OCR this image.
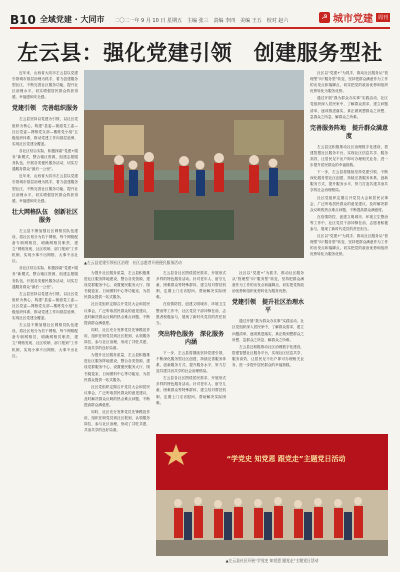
B10 全域党建 · 大同市 二〇二一年 9 月 10 日 星期五　主编 张三　责编 李四　美编 王五　校对 赵六	☭ 城市党建	周刊
左云县：强化党建引领　创建服务型社

近年来，山西省大同市左云县以党建引领城市基层治理为抓手，着力创建服务型社区，不断完善社区服务功能，提升社区治理水平，切实增强居民群众的获得感、幸福感和安全感。

党建引领　完善组织服务

左云县坚持以党建为引领，以社区党组织为核心，构建“县委—街道党工委—社区党委—网格党支部—楼栋党小组”五级组织体系，推动党建工作向基层延伸，实现社区党建全覆盖。

各社区结合实际，积极探索“党建+服务”新模式，整合辖区资源，组建志愿服务队伍，开展各类便民服务活动，切实打通服务群众“最后一公里”。

近年来，山西省大同市左云县以党建引领城市基层治理为抓手，着力创建服务型社区，不断完善社区服务功能，提升社区治理水平，切实增强居民群众的获得感、幸福感和安全感。

壮大网格队伍　创新社区服务

左云县不断加强社区网格员队伍建设，将社区划分为若干网格，每个网格配备专职网格员，明确网格员职责，建立“网格发现、社区吹哨、部门报到”工作机制，实现小事不出网格、大事不出社区。

各社区结合实际，积极探索“党建+服务”新模式，整合辖区资源，组建志愿服务队伍，开展各类便民服务活动，切实打通服务群众“最后一公里”。

左云县坚持以党建为引领，以社区党组织为核心，构建“县委—街道党工委—社区党委—网格党支部—楼栋党小组”五级组织体系，推动党建工作向基层延伸，实现社区党建全覆盖。

左云县不断加强社区网格员队伍建设，将社区划分为若干网格，每个网格配备专职网格员，明确网格员职责，建立“网格发现、社区吹哨、部门报到”工作机制，实现小事不出网格、大事不出社区。

▲左云县党建引领社区治理　社区志愿者开展便民服务活动

为提升社区服务质量，左云县积极推进社区服务阵地建设，整合各类资源，建设党群服务中心，设置便民服务大厅、图书阅览室、日间照料中心等功能室，为居民群众提供一站式服务。

社区党组织定期召开党员大会和居民议事会，广泛听取居民群众的意见建议，及时解决群众反映的热点难点问题，不断提高群众满意度。

同时，社区充分发挥党员先锋模范作用，组织在职党员到社区报到，认领服务岗位，参与社区治理，形成了共驻共建、共治共享的良好局面。

为提升社区服务质量，左云县积极推进社区服务阵地建设，整合各类资源，建设党群服务中心，设置便民服务大厅、图书阅览室、日间照料中心等功能室，为居民群众提供一站式服务。

社区党组织定期召开党员大会和居民议事会，广泛听取居民群众的意见建议，及时解决群众反映的热点难点问题，不断提高群众满意度。

同时，社区充分发挥党员先锋模范作用，组织在职党员到社区报到，认领服务岗位，参与社区治理，形成了共驻共建、共治共享的良好局面。

左云县各社区围绕居民需求，开展形式多样的特色服务活动。针对老年人、留守儿童、困难群众等特殊群体，建立结对帮扶机制，定期上门走访慰问，帮助解决实际困难。

在疫情防控、创建文明城市、环境卫生整治等工作中，社区党员干部冲锋在前，志愿者积极参与，展现了新时代党员的责任担当。

突出特色服务　深化服务内涵

下一步，左云县将继续坚持党建引领，不断深化服务型社区创建，持续完善服务体系，创新服务方式，提升服务水平，努力打造共建共治共享的社会治理格局。

左云县各社区围绕居民需求，开展形式多样的特色服务活动。针对老年人、留守儿童、困难群众等特殊群体，建立结对帮扶机制，定期上门走访慰问，帮助解决实际困难。

社区以“党建+”为抓手，推动社区服务从“管理型”向“服务型”转变，坚持把群众满意作为工作的出发点和落脚点，切实把党的政治优势和组织优势转化为服务优势。

党建引领　提升社区治理水平

通过开展“我为群众办实事”实践活动，社区党组织深入居民家中，了解群众需求，建立问题清单，逐项推进落实，真正做到想群众之所想、急群众之所急、解群众之所难。

左云县还积极推动社区治理数字化建设，搭建智慧社区服务平台，实现社区信息共享、服务高效，让居民足不出户即可办理相关业务，进一步提升居民群众的幸福指数。

社区以“党建+”为抓手，推动社区服务从“管理型”向“服务型”转变，坚持把群众满意作为工作的出发点和落脚点，切实把党的政治优势和组织优势转化为服务优势。

通过开展“我为群众办实事”实践活动，社区党组织深入居民家中，了解群众需求，建立问题清单，逐项推进落实，真正做到想群众之所想、急群众之所急、解群众之所难。

完善服务阵地　提升群众满意度

左云县还积极推动社区治理数字化建设，搭建智慧社区服务平台，实现社区信息共享、服务高效，让居民足不出户即可办理相关业务，进一步提升居民群众的幸福指数。

下一步，左云县将继续坚持党建引领，不断深化服务型社区创建，持续完善服务体系，创新服务方式，提升服务水平，努力打造共建共治共享的社会治理格局。

社区党组织定期召开党员大会和居民议事会，广泛听取居民群众的意见建议，及时解决群众反映的热点难点问题，不断提高群众满意度。

在疫情防控、创建文明城市、环境卫生整治等工作中，社区党员干部冲锋在前，志愿者积极参与，展现了新时代党员的责任担当。

社区以“党建+”为抓手，推动社区服务从“管理型”向“服务型”转变，坚持把群众满意作为工作的出发点和落脚点，切实把党的政治优势和组织优势转化为服务优势。

“学党史 知党恩 跟党走”主题党日活动
▲左云县社区开展“学党史 知党恩 跟党走”主题党日活动
